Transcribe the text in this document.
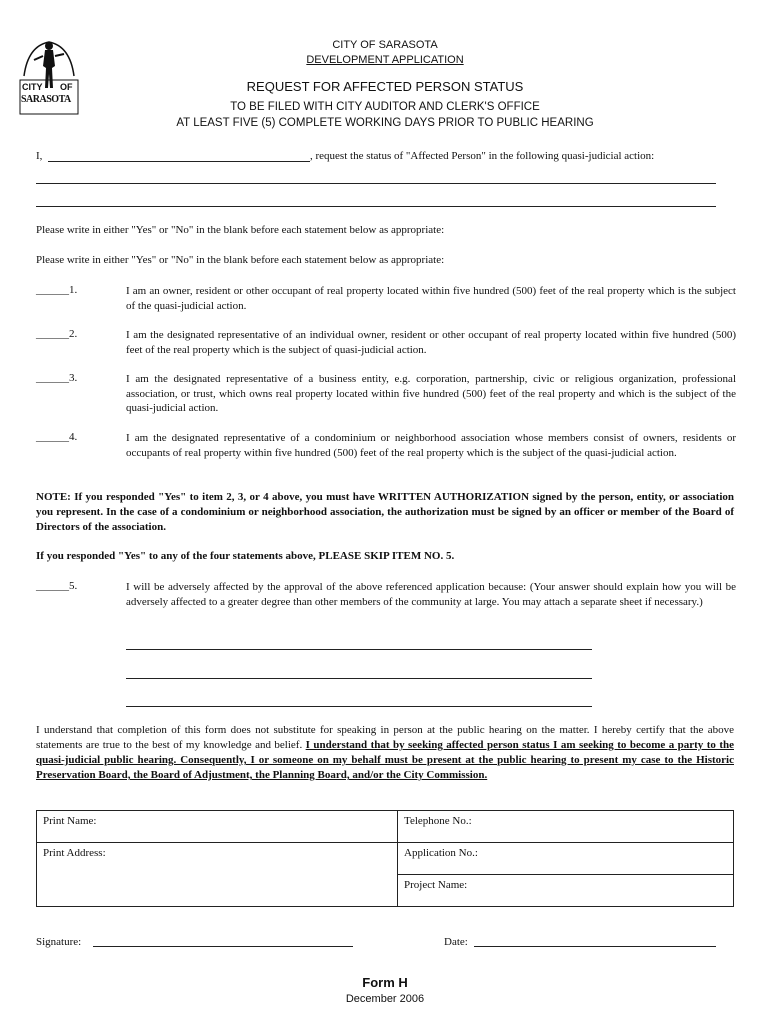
CITY OF
SARASOTA
CITY OF SARASOTA
DEVELOPMENT APPLICATION
REQUEST FOR AFFECTED PERSON STATUS
TO BE FILED WITH CITY AUDITOR AND CLERK'S OFFICE
AT LEAST FIVE (5) COMPLETE WORKING DAYS PRIOR TO PUBLIC HEARING
I,	, request the status of "Affected Person" in the following quasi-judicial action:
Please write in either "Yes" or "No" in the blank before each statement below as appropriate:
Please write in either "Yes" or "No" in the blank before each statement below as appropriate:
______1.	I am an owner, resident or other occupant of real property located within five hundred (500) feet of the real property which is the subject of the quasi-judicial action.
______2.	I am the designated representative of an individual owner, resident or other occupant of real property located within five hundred (500) feet of the real property which is the subject of quasi-judicial action.
______3.	I am the designated representative of a business entity, e.g. corporation, partnership, civic or religious organization, professional association, or trust, which owns real property located within five hundred (500) feet of the real property and which is the subject of the quasi-judicial action.
______4.	I am the designated representative of a condominium or neighborhood association whose members consist of owners, residents or occupants of real property within five hundred (500) feet of the real property which is the subject of the quasi-judicial action.
NOTE: If you responded "Yes" to item 2, 3, or 4 above, you must have WRITTEN AUTHORIZATION signed by the person, entity, or association you represent. In the case of a condominium or neighborhood association, the authorization must be signed by an officer or member of the Board of Directors of the association.
If you responded "Yes" to any of the four statements above, PLEASE SKIP ITEM NO. 5.
______5.	I will be adversely affected by the approval of the above referenced application because: (Your answer should explain how you will be adversely affected to a greater degree than other members of the community at large. You may attach a separate sheet if necessary.)
I understand that completion of this form does not substitute for speaking in person at the public hearing on the matter. I hereby certify that the above statements are true to the best of my knowledge and belief. I understand that by seeking affected person status I am seeking to become a party to the quasi-judicial public hearing. Consequently, I or someone on my behalf must be present at the public hearing to present my case to the Historic Preservation Board, the Board of Adjustment, the Planning Board, and/or the City Commission.
Print Name:	Telephone No.:
Print Address:	Application No.:
	Project Name:
Signature:	Date:
Form H
December 2006
